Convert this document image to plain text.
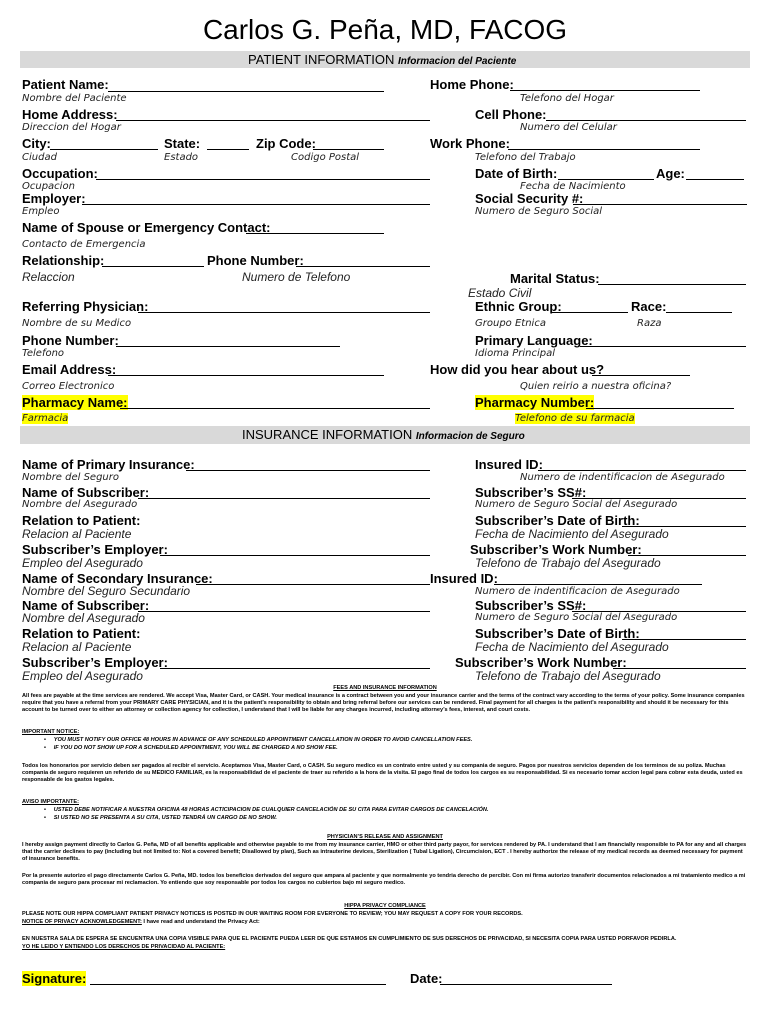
Carlos G. Peña, MD, FACOG
PATIENT INFORMATION Informacion del Paciente
Patient Name:
Nombre del Paciente
Home Address:
Direccion del Hogar
City:	State:	Zip Code:
Ciudad	Estado	Codigo Postal
Occupation:
Ocupacion
Employer:
Empleo
Name of Spouse or Emergency Contact:
Contacto de Emergencia
Relationship:	Phone Number:
Relaccion	Numero de Telefono
Referring Physician:
Nombre de su Medico
Phone Number:
Telefono
Email Address:
Correo Electronico
Pharmacy Name:
Farmacia
Home Phone:
Telefono del Hogar
Cell Phone:
Numero del Celular
Work Phone:
Telefono del Trabajo
Date of Birth:	Age:
Fecha de Nacimiento
Social Security #:
Numero de Seguro Social
Marital Status:
Estado Civil
Ethnic Group:	Race:
Groupo Etnica	Raza
Primary Language:
Idioma Principal
How did you hear about us?
Quien reirio a nuestra oficina?
Pharmacy Number:
Telefono de su farmacia
INSURANCE INFORMATION Informacion de Seguro
Name of Primary Insurance:
Nombre del Seguro
Name of Subscriber:
Nombre del Asegurado
Relation to Patient:
Relacion al Paciente
Subscriber’s Employer:
Empleo del Asegurado
Name of Secondary Insurance:
Nombre del Seguro Secundario
Name of Subscriber:
Nombre del Asegurado
Relation to Patient:
Relacion al Paciente
Subscriber’s Employer:
Empleo del Asegurado
Insured ID:
Numero de indentificacion de Asegurado
Subscriber’s SS#:
Numero de Seguro Social del Asegurado
Subscriber’s Date of Birth:
Fecha de Nacimiento del Asegurado
Subscriber’s Work Number:
Telefono de Trabajo del Asegurado
Insured ID:
Numero de indentificacion de Asegurado
Subscriber’s SS#:
Numero de Seguro Social del Asegurado
Subscriber’s Date of Birth:
Fecha de Nacimiento del Asegurado
Subscriber’s Work Number:
Telefono de Trabajo del Asegurado
FEES AND INSURANCE INFORMATION
All fees are payable at the time services are rendered. We accept Visa, Master Card, or CASH. Your medical insurance is a contract between you and your insurance carrier and the terms of the contract vary according to the terms of your policy. Some insurance companies require that you have a referral from your PRIMARY CARE PHYSICIAN, and it is the patient’s responsibility to obtain and bring referral before our services can be rendered. Final payment for all charges is the patient’s responsibility and should it be necessary for this account to be turned over to either an attorney or collection agency for collection, I understand that I will be liable for any charges incurred, including attorney’s fees, interest, and court costs.
IMPORTANT NOTICE:
•     YOU MUST NOTIFY OUR OFFICE 48 HOURS IN ADVANCE OF ANY SCHEDULED APPOINTMENT CANCELLATION IN ORDER TO AVOID CANCELLATION FEES.
•     IF YOU DO NOT SHOW UP FOR A SCHEDULED APPOINTMENT, YOU WILL BE CHARGED A NO SHOW FEE.
Todos los honorarios por servicio deben ser pagados al recibir el servicio. Aceptamos Visa, Master Card, o CASH. Su seguro medico es un contrato entre usted y su compania de seguro. Pagos por nuestros servicios dependen de los terminos de su poliza. Muchas compania de seguro requieren un referido de su MEDICO FAMILIAR, es la responsabilidad de el paciente de traer su referido a la hora de la visita. El pago final de todos los cargos es su responsabilidad. Si es necesario tomar accion legal para cobrar esta deuda, usted es responsable de los gastos legales.
AVISO IMPORTANTE:
•     USTED DEBE NOTIFICAR A NUESTRA OFICINA 48 HORAS ACTICIPACION DE CUALQUIER CANCELACIÓN DE SU CITA PARA EVITAR CARGOS DE CANCELACIÓN.
•     SI USTED NO SE PRESENTA A SU CITA, USTED TENDRÁ UN CARGO DE NO SHOW.
PHYSICIAN’S RELEASE AND ASSIGNMENT
I hereby assign payment directly to Carlos G. Peña, MD of all benefits applicable and otherwise payable to me from my insurance carrier, HMO or other third party payor, for services rendered by PA. I understand that I am financially responsible to PA for any and all charges that the carrier declines to pay (including but not limited to: Not a covered benefit; Disallowed by plan), Such as intrauterine devices, Sterilization ( Tubal Ligation), Circumcision, ECT . I hereby authorize the release of my medical records as deemed necessary for payment of insurance benefits.
Por la presente autorizo el pago directamente Carlos G. Peña, MD. todos los beneficios derivados del seguro que ampara al paciente y que normalmente yo tendria derecho de percibir. Con mi firma autorizo transferir documentos relacionados a mi tratamiento medico a mi compania de seguro para procesar mi reclamacion. Yo entiendo que soy responsable por todos los cargos no cubiertos bajo mi seguro medico.
HIPPA PRIVACY COMPLIANCE
PLEASE NOTE OUR HIPPA COMPLIANT PATIENT PRIVACY NOTICES IS POSTED IN OUR WAITING ROOM FOR EVERYONE TO REVIEW; YOU MAY REQUEST A COPY FOR YOUR RECORDS.
NOTICE OF PRIVACY ACKNOWLEDGEMENT: I have read and understand the Privacy Act:
EN NUESTRA SALA DE ESPERA SE ENCUENTRA UNA COPIA VISIBLE PARA QUE EL PACIENTE PUEDA LEER DE QUE ESTAMOS EN CUMPLIMIENTO DE SUS DERECHOS DE PRIVACIDAD, SI NECESITA COPIA PARA USTED PORFAVOR PEDIRLA.
YO HE LEIDO Y ENTIENDO LOS DERECHOS DE PRIVACIDAD AL PACIENTE:
Signature:	Date:
